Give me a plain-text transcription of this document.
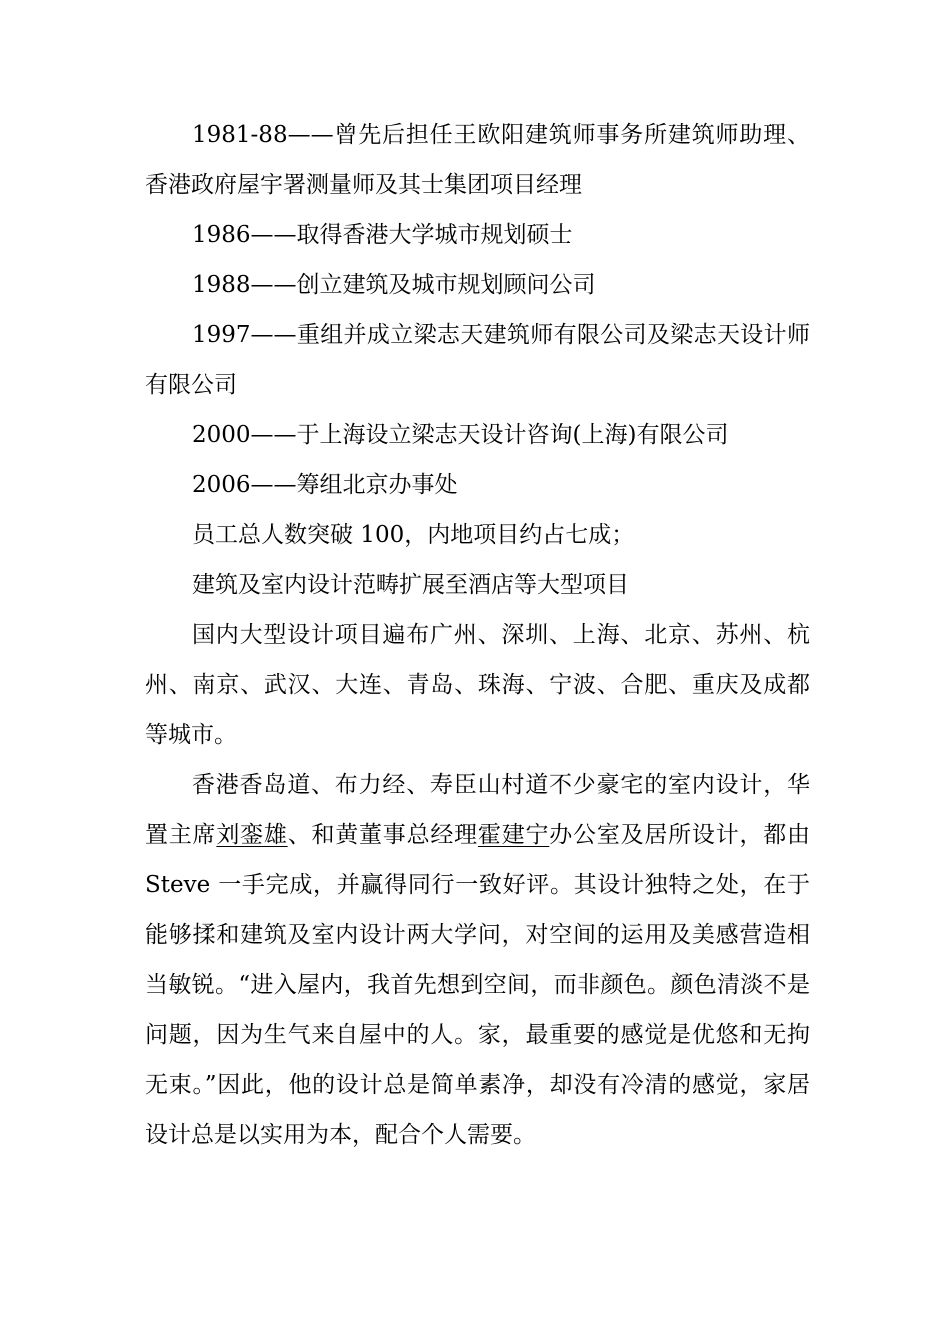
1981-88——曾先后担任王欧阳建筑师事务所建筑师助理、香港政府屋宇署测量师及其士集团项目经理

1986——取得香港大学城市规划硕士

1988——创立建筑及城市规划顾问公司

1997——重组并成立梁志天建筑师有限公司及梁志天设计师有限公司

2000——于上海设立梁志天设计咨询(上海)有限公司

2006——筹组北京办事处

员工总人数突破 100，内地项目约占七成；

建筑及室内设计范畴扩展至酒店等大型项目

国内大型设计项目遍布广州、深圳、上海、北京、苏州、杭州、南京、武汉、大连、青岛、珠海、宁波、合肥、重庆及成都等城市。

香港香岛道、布力经、寿臣山村道不少豪宅的室内设计，华置主席刘銮雄、和黄董事总经理霍建宁办公室及居所设计，都由 Steve 一手完成，并赢得同行一致好评。其设计独特之处，在于能够揉和建筑及室内设计两大学问，对空间的运用及美感营造相当敏锐。“进入屋内，我首先想到空间，而非颜色。颜色清淡不是问题，因为生气来自屋中的人。家，最重要的感觉是优悠和无拘无束。”因此，他的设计总是简单素净，却没有冷清的感觉，家居设计总是以实用为本，配合个人需要。
